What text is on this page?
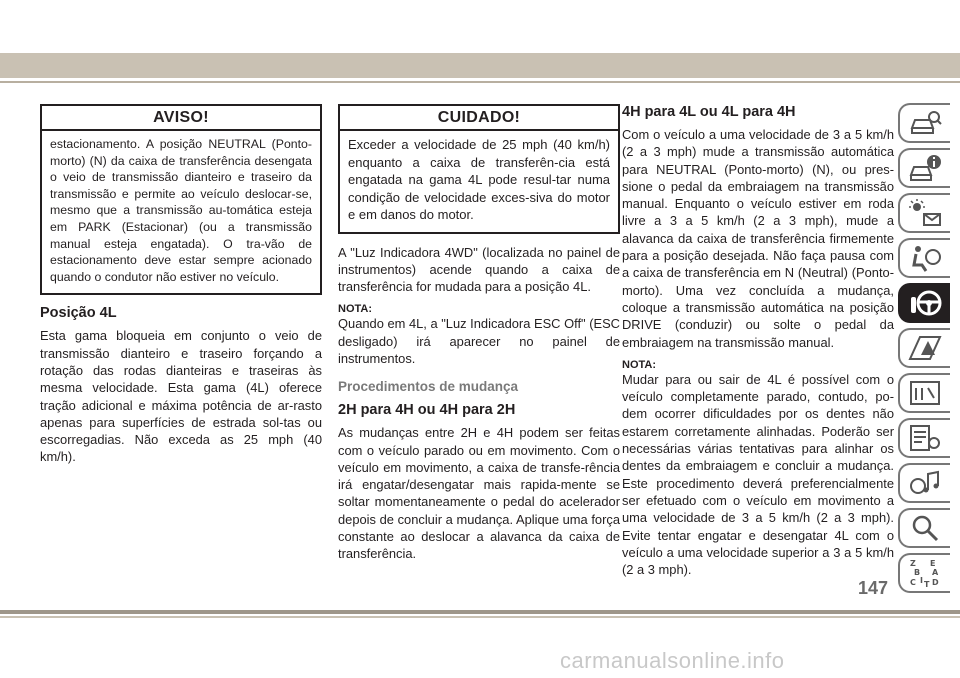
AVISO!
estacionamento. A posição NEUTRAL (Ponto-morto) (N) da caixa de transferência desengata o veio de transmissão dianteiro e traseiro da transmissão e permite ao veículo deslocar-se, mesmo que a transmissão au-tomática esteja em PARK (Estacionar) (ou a transmissão manual esteja engatada). O tra-vão de estacionamento deve estar sempre acionado quando o condutor não estiver no veículo.
Posição 4L
Esta gama bloqueia em conjunto o veio de transmissão dianteiro e traseiro forçando a rotação das rodas dianteiras e traseiras às mesma velocidade. Esta gama (4L) oferece tração adicional e máxima potência de ar-rasto apenas para superfícies de estrada sol-tas ou escorregadias. Não exceda as 25 mph (40 km/h).
CUIDADO!
Exceder a velocidade de 25 mph (40 km/h) enquanto a caixa de transferên-cia está engatada na gama 4L pode resul-tar numa condição de velocidade exces-siva do motor e em danos do motor.
A "Luz Indicadora 4WD" (localizada no painel de instrumentos) acende quando a caixa de transferência for mudada para a posição 4L.
NOTA:
Quando em 4L, a "Luz Indicadora ESC Off" (ESC desligado) irá aparecer no painel de instrumentos.
Procedimentos de mudança
2H para 4H ou 4H para 2H
As mudanças entre 2H e 4H podem ser feitas com o veículo parado ou em movimento. Com o veículo em movimento, a caixa de transfe-rência irá engatar/desengatar mais rapida-mente se soltar momentaneamente o pedal do acelerador depois de concluir a mudança. Aplique uma força constante ao deslocar a alavanca da caixa de transferência.
4H para 4L ou 4L para 4H
Com o veículo a uma velocidade de 3 a 5 km/h (2 a 3 mph) mude a transmissão automática para NEUTRAL (Ponto-morto) (N), ou pres-sione o pedal da embraiagem na transmissão manual. Enquanto o veículo estiver em roda livre a 3 a 5 km/h (2 a 3 mph), mude a alavanca da caixa de transferência firmemente para a posição desejada. Não faça pausa com a caixa de transferência em N (Neutral) (Ponto-morto). Uma vez concluída a mudança, coloque a transmissão automática na posição DRIVE (conduzir) ou solte o pedal da embraiagem na transmissão manual.
NOTA:
Mudar para ou sair de 4L é possível com o veículo completamente parado, contudo, po-dem ocorrer dificuldades por os dentes não estarem corretamente alinhadas. Poderão ser necessárias várias tentativas para alinhar os dentes da embraiagem e concluir a mudança. Este procedimento deverá preferencialmente ser efetuado com o veículo em movimento a uma velocidade de 3 a 5 km/h (2 a 3 mph). Evite tentar engatar e desengatar 4L com o veículo a uma velocidade superior a 3 a 5 km/h (2 a 3 mph).	Z E
B A
C D
I T
147
carmanualsonline.info
